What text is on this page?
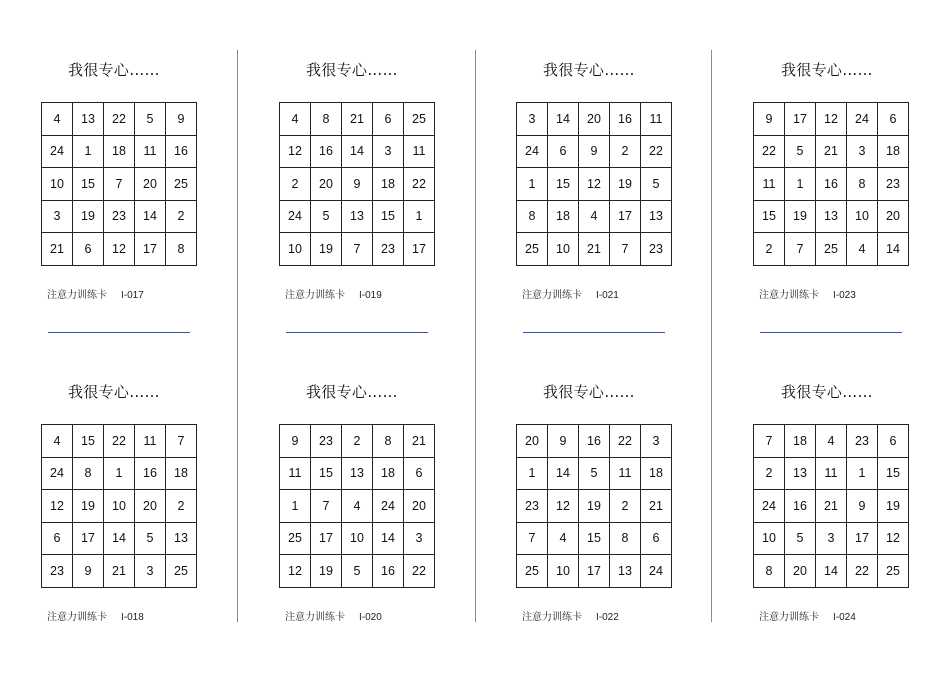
我很专心……
4	13	22	5	9
24	1	18	11	16
10	15	7	20	25
3	19	23	14	2
21	6	12	17	8
注意力训练卡 I-017
我很专心……
4	8	21	6	25
12	16	14	3	11
2	20	9	18	22
24	5	13	15	1
10	19	7	23	17
注意力训练卡 I-019
我很专心……
3	14	20	16	11
24	6	9	2	22
1	15	12	19	5
8	18	4	17	13
25	10	21	7	23
注意力训练卡 I-021
我很专心……
9	17	12	24	6
22	5	21	3	18
11	1	16	8	23
15	19	13	10	20
2	7	25	4	14
注意力训练卡 I-023
我很专心……
4	15	22	11	7
24	8	1	16	18
12	19	10	20	2
6	17	14	5	13
23	9	21	3	25
注意力训练卡 I-018
我很专心……
9	23	2	8	21
11	15	13	18	6
1	7	4	24	20
25	17	10	14	3
12	19	5	16	22
注意力训练卡 I-020
我很专心……
20	9	16	22	3
1	14	5	11	18
23	12	19	2	21
7	4	15	8	6
25	10	17	13	24
注意力训练卡 I-022
我很专心……
7	18	4	23	6
2	13	11	1	15
24	16	21	9	19
10	5	3	17	12
8	20	14	22	25
注意力训练卡 I-024
